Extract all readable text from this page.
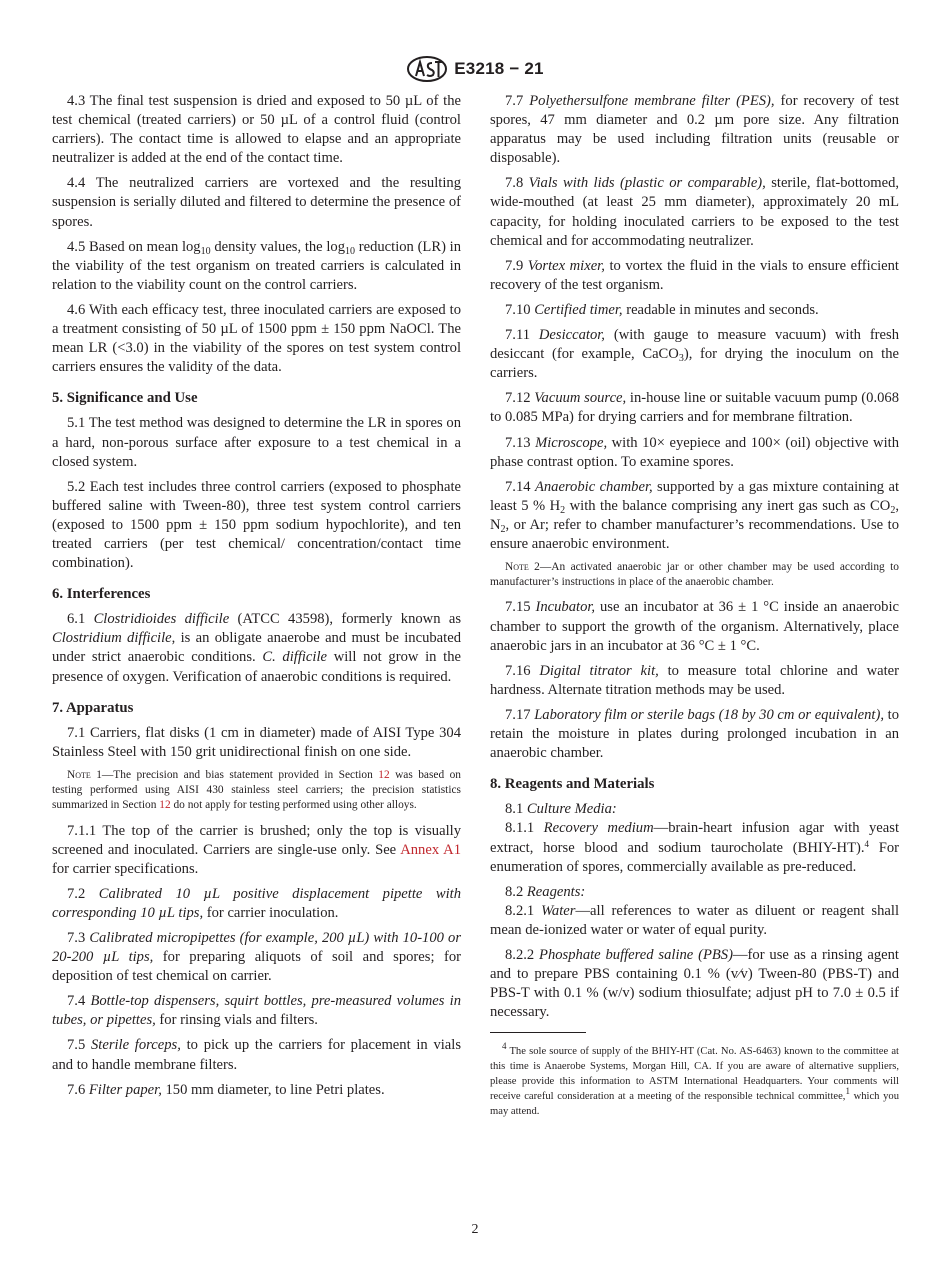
E3218 − 21

4.3 The final test suspension is dried and exposed to 50 µL of the test chemical (treated carriers) or 50 µL of a control fluid (control carriers). The contact time is allowed to elapse and an appropriate neutralizer is added at the end of the contact time.

4.4 The neutralized carriers are vortexed and the resulting suspension is serially diluted and filtered to determine the presence of spores.

4.5 Based on mean $\log_{10}$ density values, the $\log_{10}$ reduction (LR) in the viability of the test organism on treated carriers is calculated in relation to the viability count on the control carriers.

4.6 With each efficacy test, three inoculated carriers are exposed to a treatment consisting of 50 µL of 1500 ppm ± 150 ppm NaOCl. The mean LR (<3.0) in the viability of the spores on test system control carriers ensures the validity of the data.

5. Significance and Use

5.1 The test method was designed to determine the LR in spores on a hard, non-porous surface after exposure to a test chemical in a closed system.

5.2 Each test includes three control carriers (exposed to phosphate buffered saline with Tween-80), three test system control carriers (exposed to 1500 ppm ± 150 ppm sodium hypochlorite), and ten treated carriers (per test chemical/ concentration/contact time combination).

6. Interferences

6.1 Clostridioides difficile (ATCC 43598), formerly known as Clostridium difficile, is an obligate anaerobe and must be incubated under strict anaerobic conditions. C. difficile will not grow in the presence of oxygen. Verification of anaerobic conditions is required.

7. Apparatus

7.1 Carriers, flat disks (1 cm in diameter) made of AISI Type 304 Stainless Steel with 150 grit unidirectional finish on one side.

Note 1—The precision and bias statement provided in Section 12 was based on testing performed using AISI 430 stainless steel carriers; the precision statistics summarized in Section 12 do not apply for testing performed using other alloys.

7.1.1 The top of the carrier is brushed; only the top is visually screened and inoculated. Carriers are single-use only. See Annex A1 for carrier specifications.

7.2 Calibrated 10 µL positive displacement pipette with corresponding 10 µL tips, for carrier inoculation.

7.3 Calibrated micropipettes (for example, 200 µL) with 10-100 or 20-200 µL tips, for preparing aliquots of soil and spores; for deposition of test chemical on carrier.

7.4 Bottle-top dispensers, squirt bottles, pre-measured volumes in tubes, or pipettes, for rinsing vials and filters.

7.5 Sterile forceps, to pick up the carriers for placement in vials and to handle membrane filters.

7.6 Filter paper, 150 mm diameter, to line Petri plates.

7.7 Polyethersulfone membrane filter (PES), for recovery of test spores, 47 mm diameter and 0.2 µm pore size. Any filtration apparatus may be used including filtration units (reusable or disposable).

7.8 Vials with lids (plastic or comparable), sterile, flat-bottomed, wide-mouthed (at least 25 mm diameter), approximately 20 mL capacity, for holding inoculated carriers to be exposed to the test chemical and for accommodating neutralizer.

7.9 Vortex mixer, to vortex the fluid in the vials to ensure efficient recovery of the test organism.

7.10 Certified timer, readable in minutes and seconds.

7.11 Desiccator, (with gauge to measure vacuum) with fresh desiccant (for example, CaCO$_3$), for drying the inoculum on the carriers.

7.12 Vacuum source, in-house line or suitable vacuum pump (0.068 to 0.085 MPa) for drying carriers and for membrane filtration.

7.13 Microscope, with 10× eyepiece and 100× (oil) objective with phase contrast option. To examine spores.

7.14 Anaerobic chamber, supported by a gas mixture containing at least 5 % $H_2$ with the balance comprising any inert gas such as $CO_2$, $N_2$, or Ar; refer to chamber manufacturer’s recommendations. Use to ensure anaerobic environment.

Note 2—An activated anaerobic jar or other chamber may be used according to manufacturer’s instructions in place of the anaerobic chamber.

7.15 Incubator, use an incubator at 36 ± 1 °C inside an anaerobic chamber to support the growth of the organism. Alternatively, place anaerobic jars in an incubator at 36 °C ± 1 °C.

7.16 Digital titrator kit, to measure total chlorine and water hardness. Alternate titration methods may be used.

7.17 Laboratory film or sterile bags (18 by 30 cm or equivalent), to retain the moisture in plates during prolonged incubation in an anaerobic chamber.

8. Reagents and Materials

8.1 Culture Media:

8.1.1 Recovery medium—brain-heart infusion agar with yeast extract, horse blood and sodium taurocholate (BHIY-HT).$^4$ For enumeration of spores, commercially available as pre-reduced.

8.2 Reagents:

8.2.1 Water—all references to water as diluent or reagent shall mean de-ionized water or water of equal purity.

8.2.2 Phosphate buffered saline (PBS)—for use as a rinsing agent and to prepare PBS containing 0.1 % (v⁄v) Tween-80 (PBS-T) and PBS-T with 0.1 % (w/v) sodium thiosulfate; adjust pH to 7.0 ± 0.5 if necessary.

$^4$ The sole source of supply of the BHIY-HT (Cat. No. AS-6463) known to the committee at this time is Anaerobe Systems, Morgan Hill, CA. If you are aware of alternative suppliers, please provide this information to ASTM International Headquarters. Your comments will receive careful consideration at a meeting of the responsible technical committee,$^1$ which you may attend.

2
